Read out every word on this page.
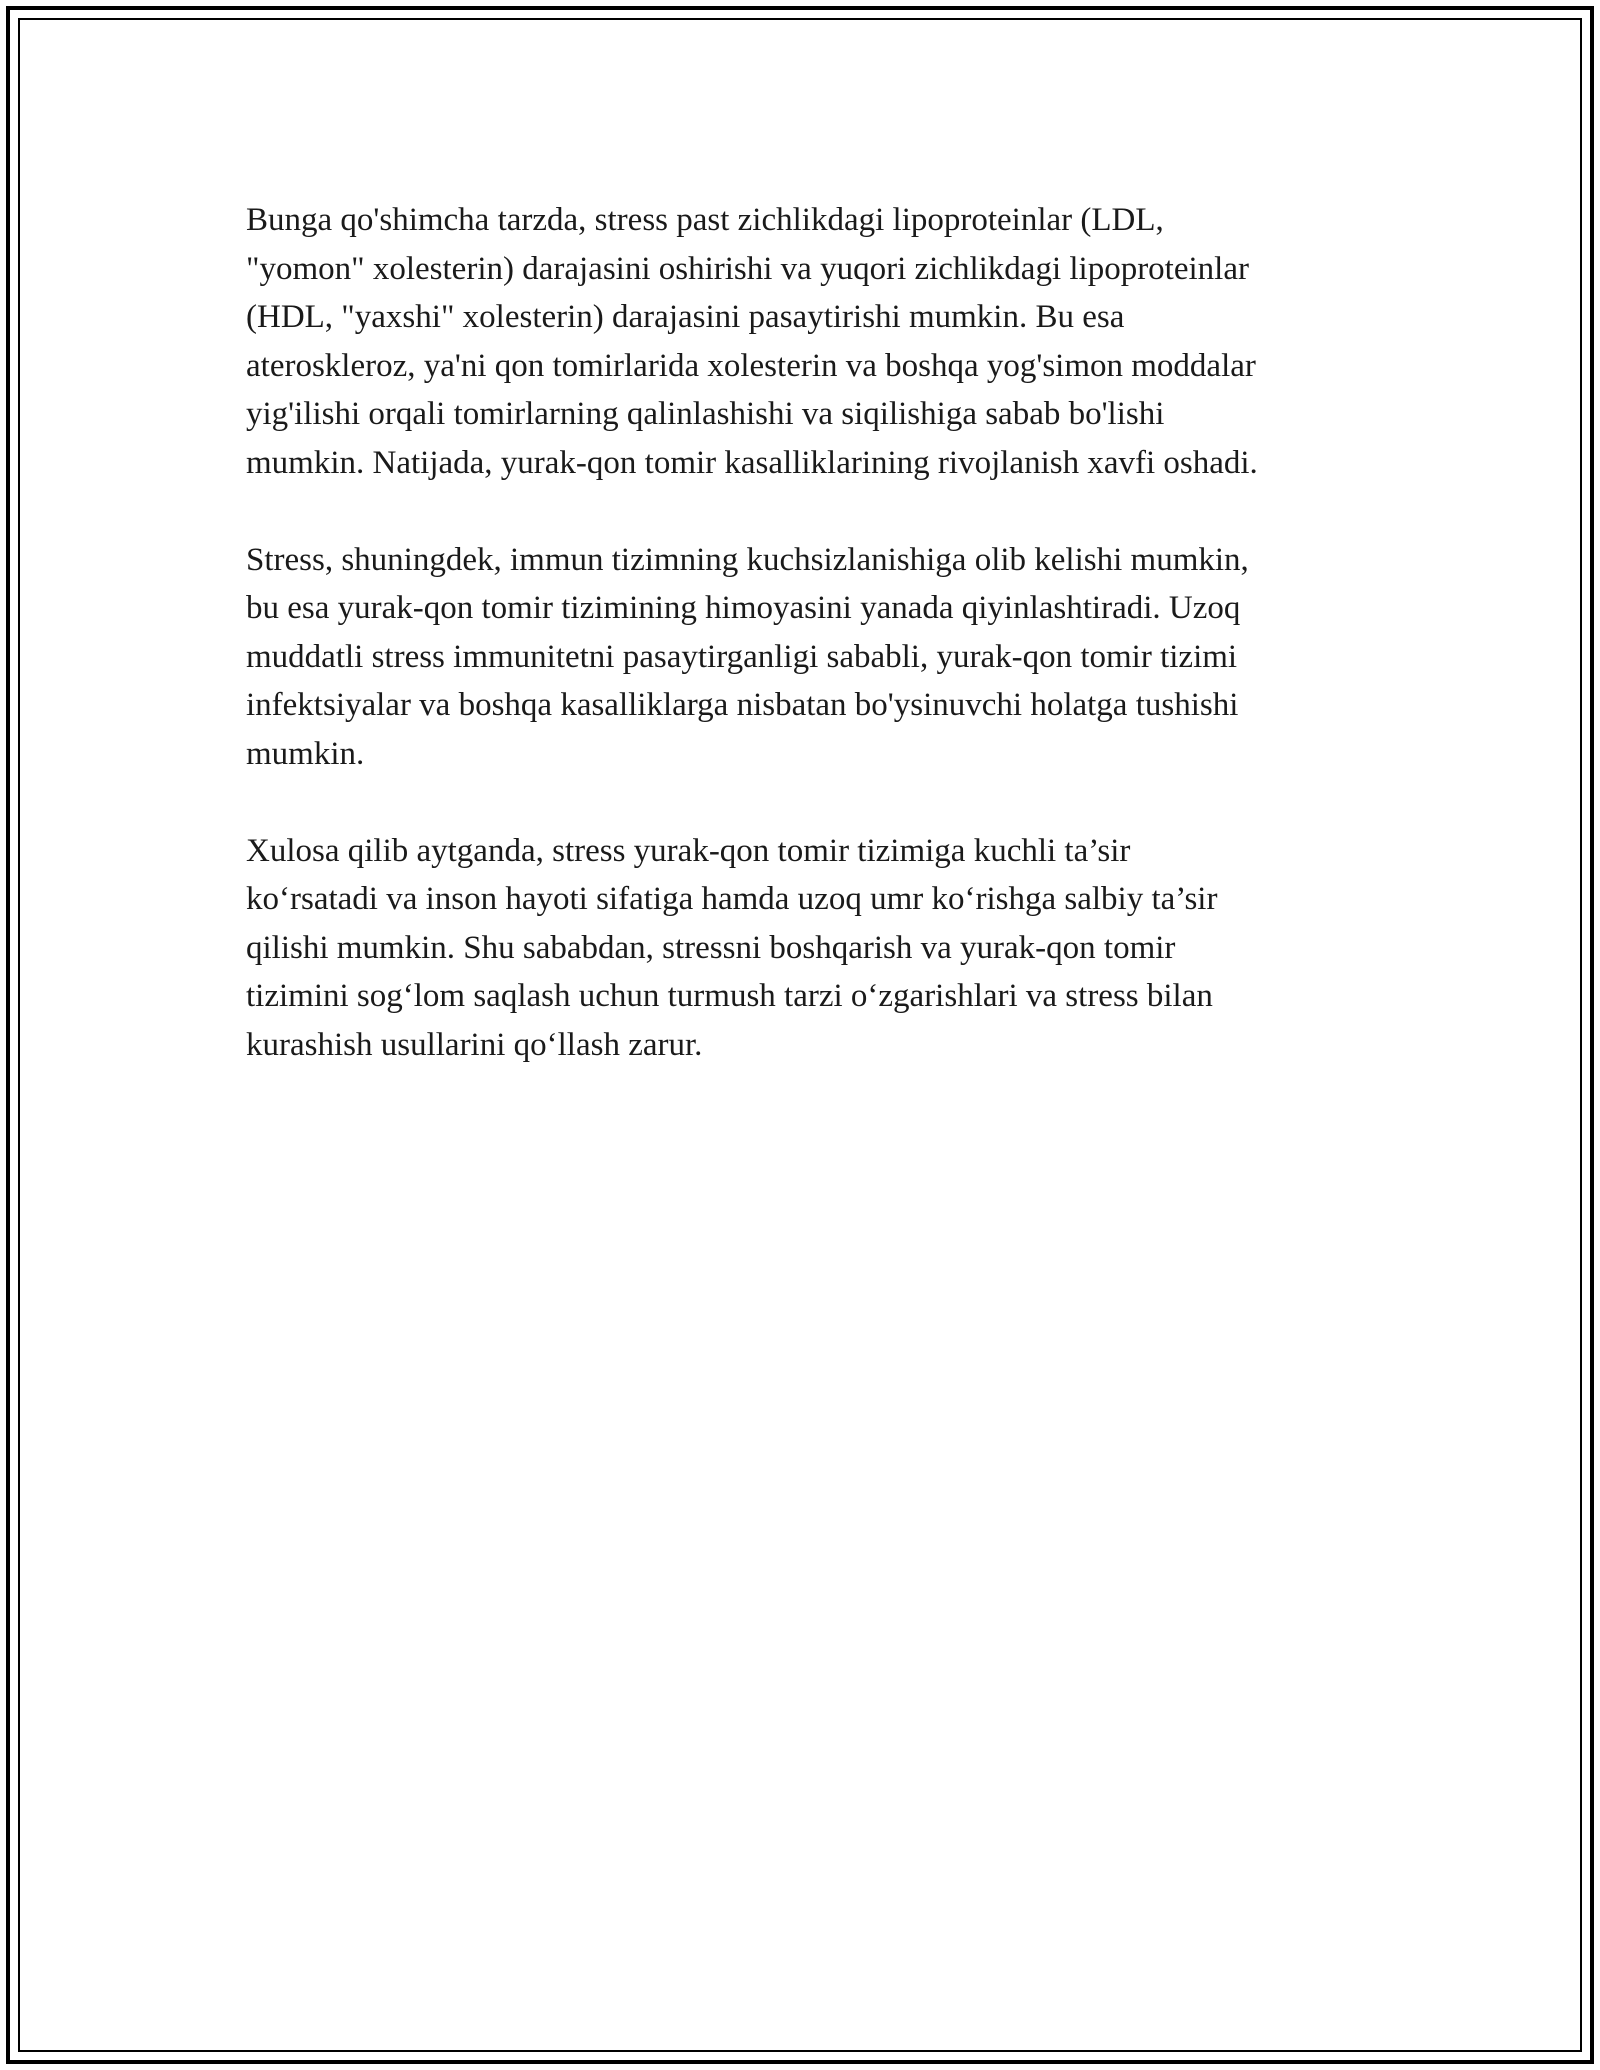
Bunga qo'shimcha tarzda, stress past zichlikdagi lipoproteinlar (LDL,
"yomon" xolesterin) darajasini oshirishi va yuqori zichlikdagi lipoproteinlar
(HDL, "yaxshi" xolesterin) darajasini pasaytirishi mumkin. Bu esa
ateroskleroz, ya'ni qon tomirlarida xolesterin va boshqa yog'simon moddalar
yig'ilishi orqali tomirlarning qalinlashishi va siqilishiga sabab bo'lishi
mumkin. Natijada, yurak-qon tomir kasalliklarining rivojlanish xavfi oshadi.

Stress, shuningdek, immun tizimning kuchsizlanishiga olib kelishi mumkin,
bu esa yurak-qon tomir tizimining himoyasini yanada qiyinlashtiradi. Uzoq
muddatli stress immunitetni pasaytirganligi sababli, yurak-qon tomir tizimi
infektsiyalar va boshqa kasalliklarga nisbatan bo'ysinuvchi holatga tushishi
mumkin.

Xulosa qilib aytganda, stress yurak-qon tomir tizimiga kuchli ta’sir
ko‘rsatadi va inson hayoti sifatiga hamda uzoq umr ko‘rishga salbiy ta’sir
qilishi mumkin. Shu sababdan, stressni boshqarish va yurak-qon tomir
tizimini sog‘lom saqlash uchun turmush tarzi o‘zgarishlari va stress bilan
kurashish usullarini qo‘llash zarur.
